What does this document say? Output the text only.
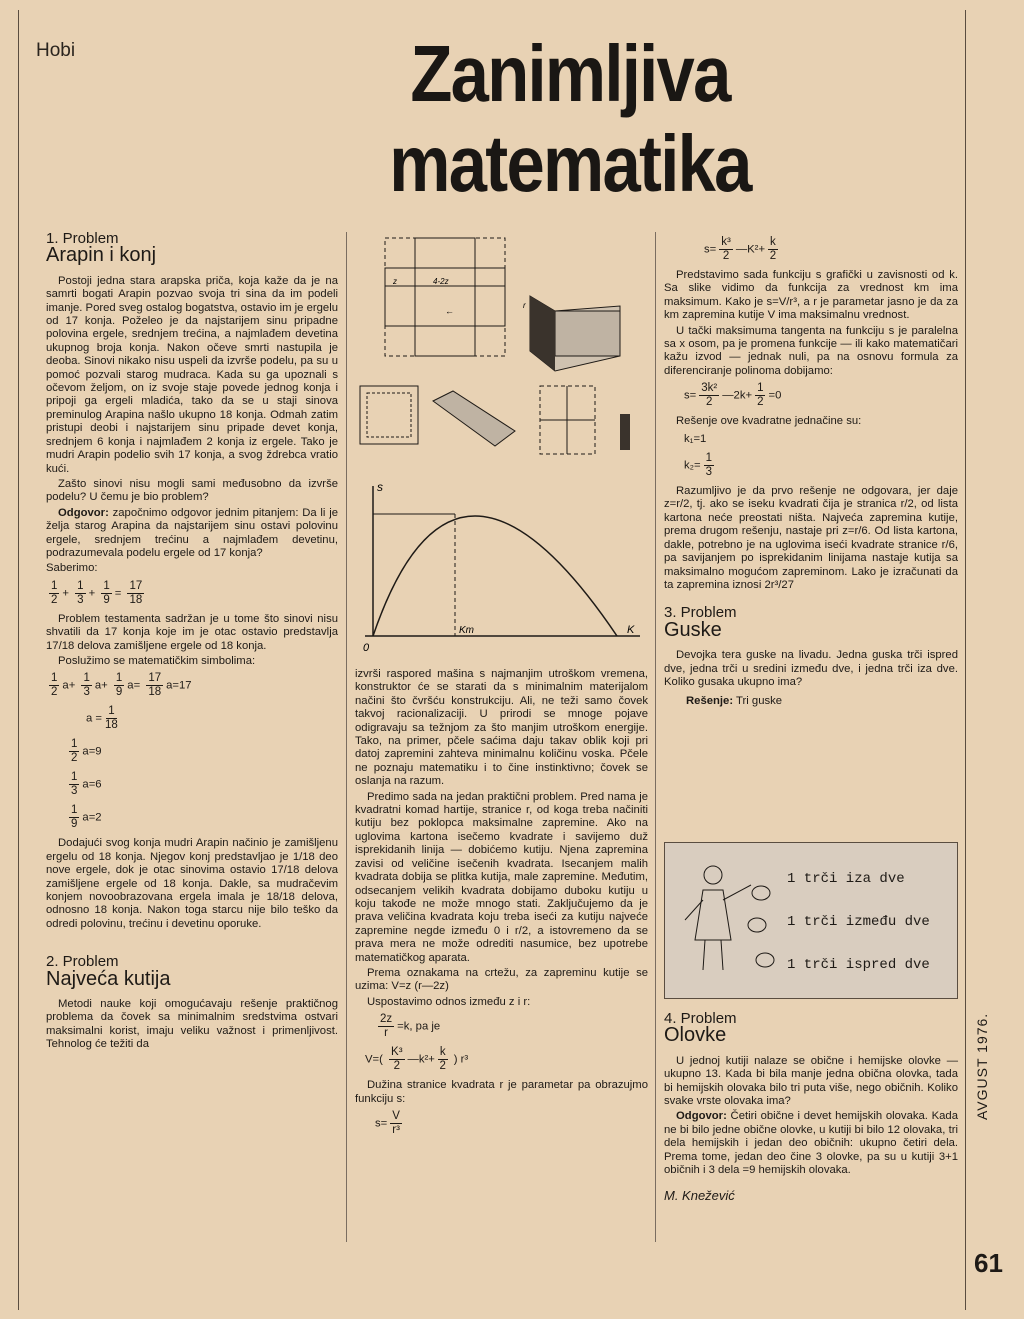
Hobi	Zanimljiva
matematika
1. Problem
Arapin i konj

Postoji jedna stara arapska priča, koja kaže da je na samrti bogati Arapin pozvao svoja tri sina da im podeli imanje. Pored sveg ostalog bogatstva, ostavio im je ergelu od 17 konja. Poželeo je da najstarijem sinu pripadne polovina ergele, srednjem trećina, a najmlađem devetina ukupnog broja konja. Nakon očeve smrti nastupila je deoba. Sinovi nikako nisu uspeli da izvrše podelu, pa su u pomoć pozvali starog mudraca. Kada su ga upoznali s očevom željom, on iz svoje staje povede jednog konja i pripoji ga ergeli mladića, tako da se u staji sinova preminulog Arapina našlo ukupno 18 konja. Odmah zatim pristupi deobi i najstarijem sinu pripade devet konja, srednjem 6 konja i najmlađem 2 konja iz ergele. Tako je mudri Arapin podelio svih 17 konja, a svog ždrebca vratio kući.

Zašto sinovi nisu mogli sami međusobno da izvrše podelu? U čemu je bio problem?

Odgovor: započnimo odgovor jednim pitanjem: Da li je želja starog Arapina da najstarijem sinu ostavi polovinu ergele, srednjem trećinu a najmlađem devetinu, podrazumevala podelu ergele od 17 konja?

Saberimo:

$\frac{1}{2} + \frac{1}{3} + \frac{1}{9} = \frac{17}{18}$

Problem testamenta sadržan je u tome što sinovi nisu shvatili da 17 konja koje im je otac ostavio predstavlja 17/18 delova zamišljene ergele od 18 konja.

Poslužimo se matematičkim simbolima:

$\frac{1}{2} a+ \frac{1}{3} a+ \frac{1}{9} a= \frac{17}{18} a=17$
$a = \frac{1}{18}$
$\frac{1}{2} a=9$
$\frac{1}{3} a=6$
$\frac{1}{9} a=2$

Dodajući svog konja mudri Arapin načinio je zamišljenu ergelu od 18 konja. Njegov konj predstavljao je 1/18 deo nove ergele, dok je otac sinovima ostavio 17/18 delova zamišljene ergele od 18 konja. Dakle, sa mudračevim konjem novoobrazovana ergela imala je 18/18 delova, odnosno 18 konja. Nakon toga starcu nije bilo teško da odredi polovinu, trećinu i devetinu oporuke.

2. Problem
Najveća kutija

Metodi nauke koji omogućavaju rešenje praktičnog problema da čovek sa minimalnim sredstvima ostvari maksimalni korist, imaju veliku važnost i primenljivost. Tehnolog će težiti da

z	4-2z
←
r
s
0
Km	K

izvrši raspored mašina s najmanjim utroškom vremena, konstruktor će se starati da s minimalnim materijalom načini što čvršću konstrukciju. Ali, ne teži samo čovek takvoj racionalizaciji. U prirodi se mnoge pojave odigravaju sa težnjom za što manjim utroškom energije. Tako, na primer, pčele saćima daju takav oblik koji pri datoj zapremini zahteva minimalnu količinu voska. Pčele ne poznaju matematiku i to čine instinktivno; čovek se oslanja na razum.

Predimo sada na jedan praktični problem. Pred nama je kvadratni komad hartije, stranice r, od koga treba načiniti kutiju bez poklopca maksimalne zapremine. Ako na uglovima kartona isečemo kvadrate i savijemo duž isprekidanih linija — dobićemo kutiju. Njena zapremina zavisi od veličine isečenih kvadrata. Isecanjem malih kvadrata dobija se plitka kutija, male zapremine. Međutim, odsecanjem velikih kvadrata dobijamo duboku kutiju u koju takođe ne može mnogo stati. Zaključujemo da je prava veličina kvadrata koju treba iseći za kutiju najveće zapremine negde između 0 i r/2, a istovremeno da se prava mera ne može odrediti nasumice, bez upotrebe matematičkog aparata.

Prema oznakama na crtežu, za zapreminu kutije se uzima: V=z (r—2z)

Uspostavimo odnos između z i r:

$\frac{2z}{r} =k$, pa je
$V=( \frac{\text{K³}}{2}$ —k²+ $\frac{k}{2}$ ) r³

Dužina stranice kvadrata r je parametar pa obrazujmo funkciju s:

$s= \frac{V}{\text{r³}}$
$s= \frac{\text{k³}}{2}$ —K²+ $\frac{k}{2}$

Predstavimo sada funkciju s grafički u zavisnosti od k. Sa slike vidimo da funkcija za vrednost km ima maksimum. Kako je s=V/r³, a r je parametar jasno je da za km zapremina kutije V ima maksimalnu vrednost.

U tački maksimuma tangenta na funkciju s je paralelna sa x osom, pa je promena funkcije — ili kako matematičari kažu izvod — jednak nuli, pa na osnovu formula za diferenciranje polinoma dobijamo:

$s= \frac{\text{3k²}}{2}$ —2k+ $\frac{1}{2} =0$

Rešenje ove kvadratne jednačine su:

k₁=1
$k_2= \frac{1}{3}$

Razumljivo je da prvo rešenje ne odgovara, jer daje z=r/2, tj. ako se iseku kvadrati čija je stranica r/2, od lista kartona neće preostati ništa. Najveća zapremina kutije, prema drugom rešenju, nastaje pri z=r/6. Od lista kartona, dakle, potrebno je na uglovima iseći kvadrate stranice r/6, pa savijanjem po isprekidanim linijama nastaje kutija sa maksimalno mogućom zapreminom. Lako je izračunati da ta zapremina iznosi 2r³/27

3. Problem
Guske

Devojka tera guske na livadu. Jedna guska trči ispred dve, jedna trči u sredini između dve, i jedna trči iza dve. Koliko gusaka ukupno ima?

Rešenje: Tri guske

1 trči iza dve
1 trči između dve
1 trči ispred dve
4. Problem
Olovke

U jednoj kutiji nalaze se obične i hemijske olovke — ukupno 13. Kada bi bila manje jedna obična olovka, tada bi hemijskih olovaka bilo tri puta više, nego običnih. Koliko svake vrste olovaka ima?

Odgovor: Četiri obične i devet hemijskih olovaka. Kada ne bi bilo jedne obične olovke, u kutiji bi bilo 12 olovaka, tri dela hemijskih i jedan deo običnih: ukupno četiri dela. Prema tome, jedan deo čine 3 olovke, pa su u kutiji 3+1 običnih i 3 dela =9 hemijskih olovaka.

M. Knežević
AVGUST 1976.
61
